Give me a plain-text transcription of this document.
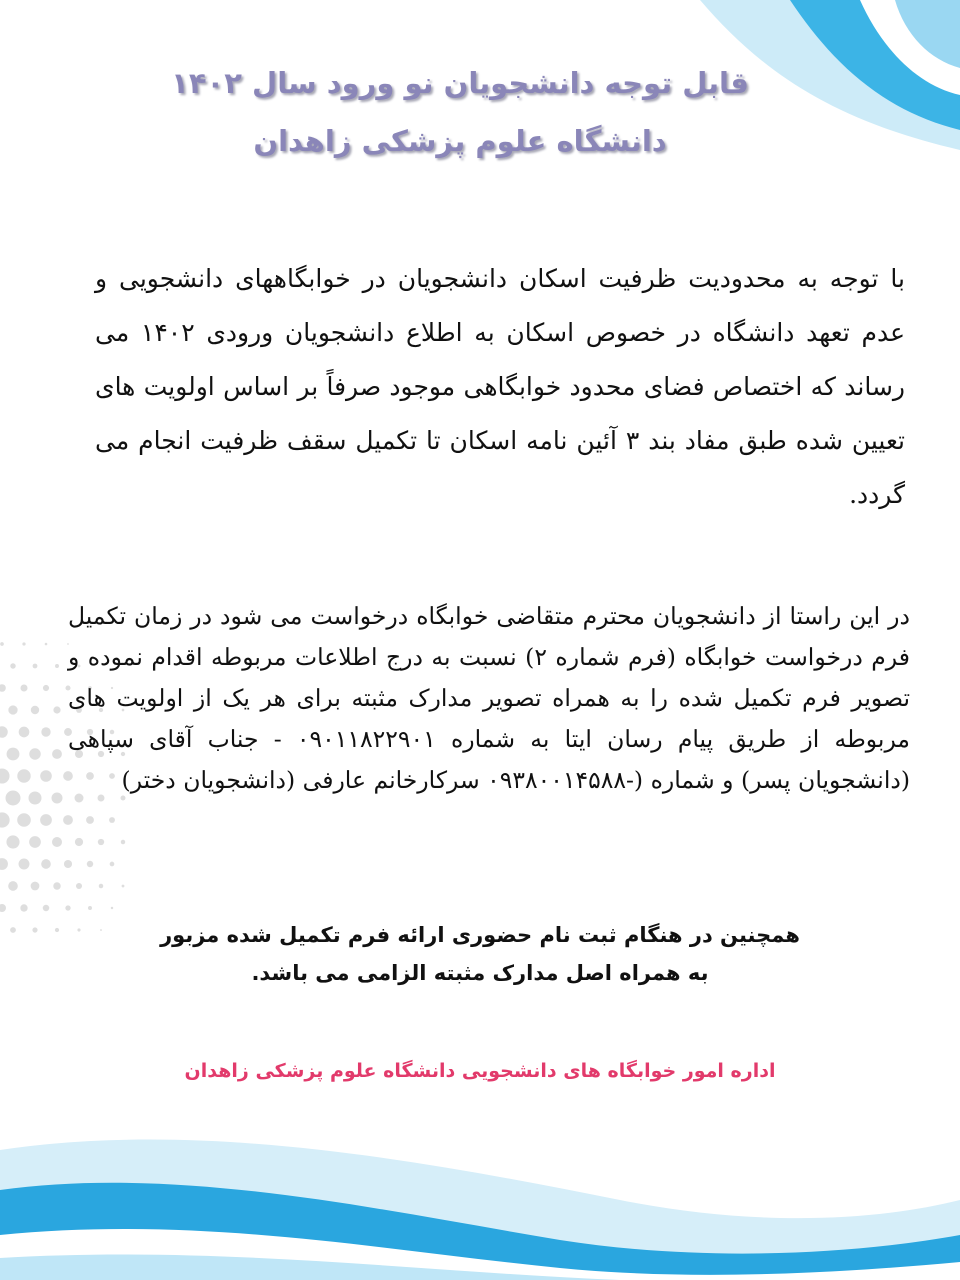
قابل توجه دانشجویان نو ورود سال ۱۴۰۲
دانشگاه علوم پزشکی زاهدان
با توجه به محدودیت ظرفیت اسکان دانشجویان در خوابگاههای دانشجویی و عدم تعهد دانشگاه در خصوص اسکان به اطلاع دانشجویان ورودی ۱۴۰۲ می رساند که اختصاص فضای محدود خوابگاهی موجود صرفاً بر اساس اولویت های تعیین شده طبق مفاد بند ۳ آئین نامه اسکان تا تکمیل سقف ظرفیت انجام می گردد.
در این راستا از دانشجویان محترم متقاضی خوابگاه درخواست می شود در زمان تکمیل فرم درخواست خوابگاه (فرم شماره ۲) نسبت به درج اطلاعات مربوطه اقدام نموده و تصویر فرم تکمیل شده را به همراه تصویر مدارک مثبته برای هر یک از اولویت های مربوطه از طریق پیام رسان ایتا به شماره ۰۹۰۱۱۸۲۲۹۰۱ - جناب آقای سپاهی (دانشجویان پسر) و شماره (-۰۹۳۸۰۰۱۴۵۸۸ سرکارخانم عارفی (دانشجویان دختر)
همچنین در هنگام ثبت نام حضوری ارائه فرم تکمیل شده مزبور
به همراه اصل مدارک مثبته الزامی می باشد.
اداره امور خوابگاه های دانشجویی دانشگاه علوم پزشکی زاهدان
